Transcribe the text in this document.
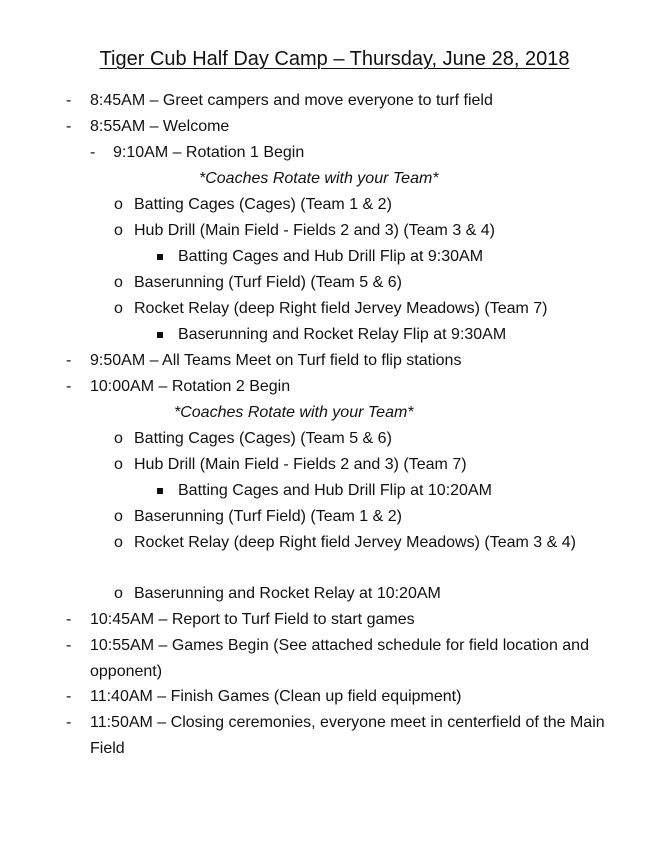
Tiger Cub Half Day Camp – Thursday, June 28, 2018
- 8:45AM – Greet campers and move everyone to turf field
- 8:55AM – Welcome
- 9:10AM – Rotation 1 Begin
*Coaches Rotate with your Team*
o Batting Cages (Cages) (Team 1 & 2)
o Hub Drill (Main Field - Fields 2 and 3) (Team 3 & 4)
Batting Cages and Hub Drill Flip at 9:30AM
o Baserunning (Turf Field) (Team 5 & 6)
o Rocket Relay (deep Right field Jervey Meadows) (Team 7)
Baserunning and Rocket Relay Flip at 9:30AM
- 9:50AM – All Teams Meet on Turf field to flip stations
- 10:00AM – Rotation 2 Begin
*Coaches Rotate with your Team*
o Batting Cages (Cages) (Team 5 & 6)
o Hub Drill (Main Field - Fields 2 and 3) (Team 7)
Batting Cages and Hub Drill Flip at 10:20AM
o Baserunning (Turf Field) (Team 1 & 2)
o Rocket Relay (deep Right field Jervey Meadows) (Team 3 & 4)
o Baserunning and Rocket Relay at 10:20AM
- 10:45AM – Report to Turf Field to start games
- 10:55AM – Games Begin (See attached schedule for field location and opponent)
- 11:40AM – Finish Games (Clean up field equipment)
- 11:50AM – Closing ceremonies, everyone meet in centerfield of the Main Field
